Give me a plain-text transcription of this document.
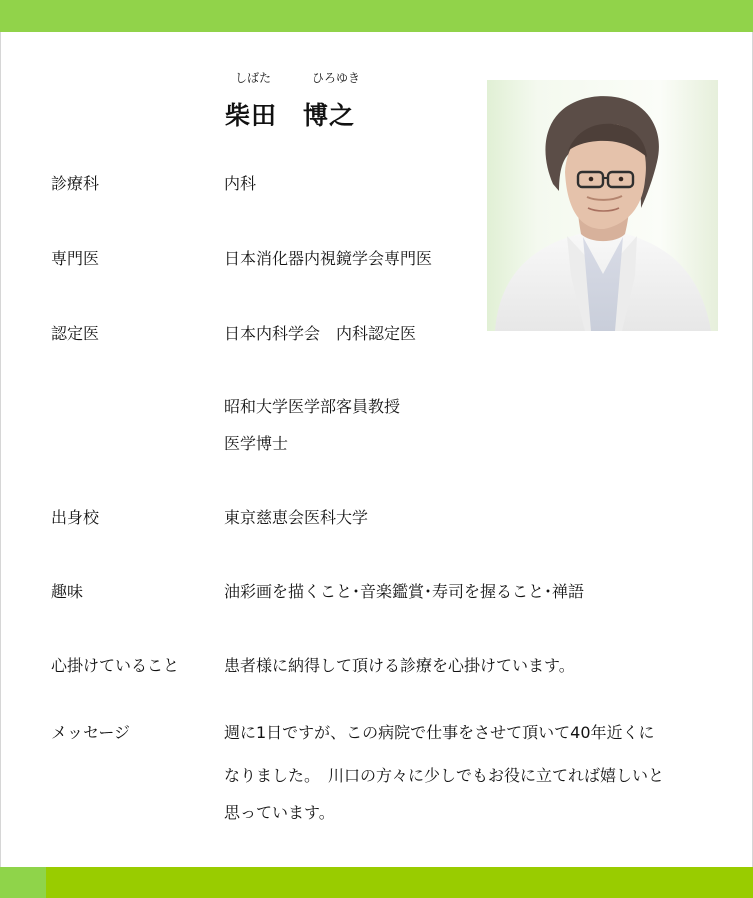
しばた	ひろゆき
柴田 博之
診療科	内科
専門医	日本消化器内視鏡学会専門医
認定医	日本内科学会　内科認定医
昭和大学医学部客員教授
医学博士
出身校	東京慈恵会医科大学
趣味	油彩画を描くこと･音楽鑑賞･寿司を握ること･禅語
心掛けていること	患者様に納得して頂ける診療を心掛けています。
メッセージ	週に1日ですが、この病院で仕事をさせて頂いて40年近くに
なりました。　川口の方々に少しでもお役に立てれば嬉しいと
思っています。
